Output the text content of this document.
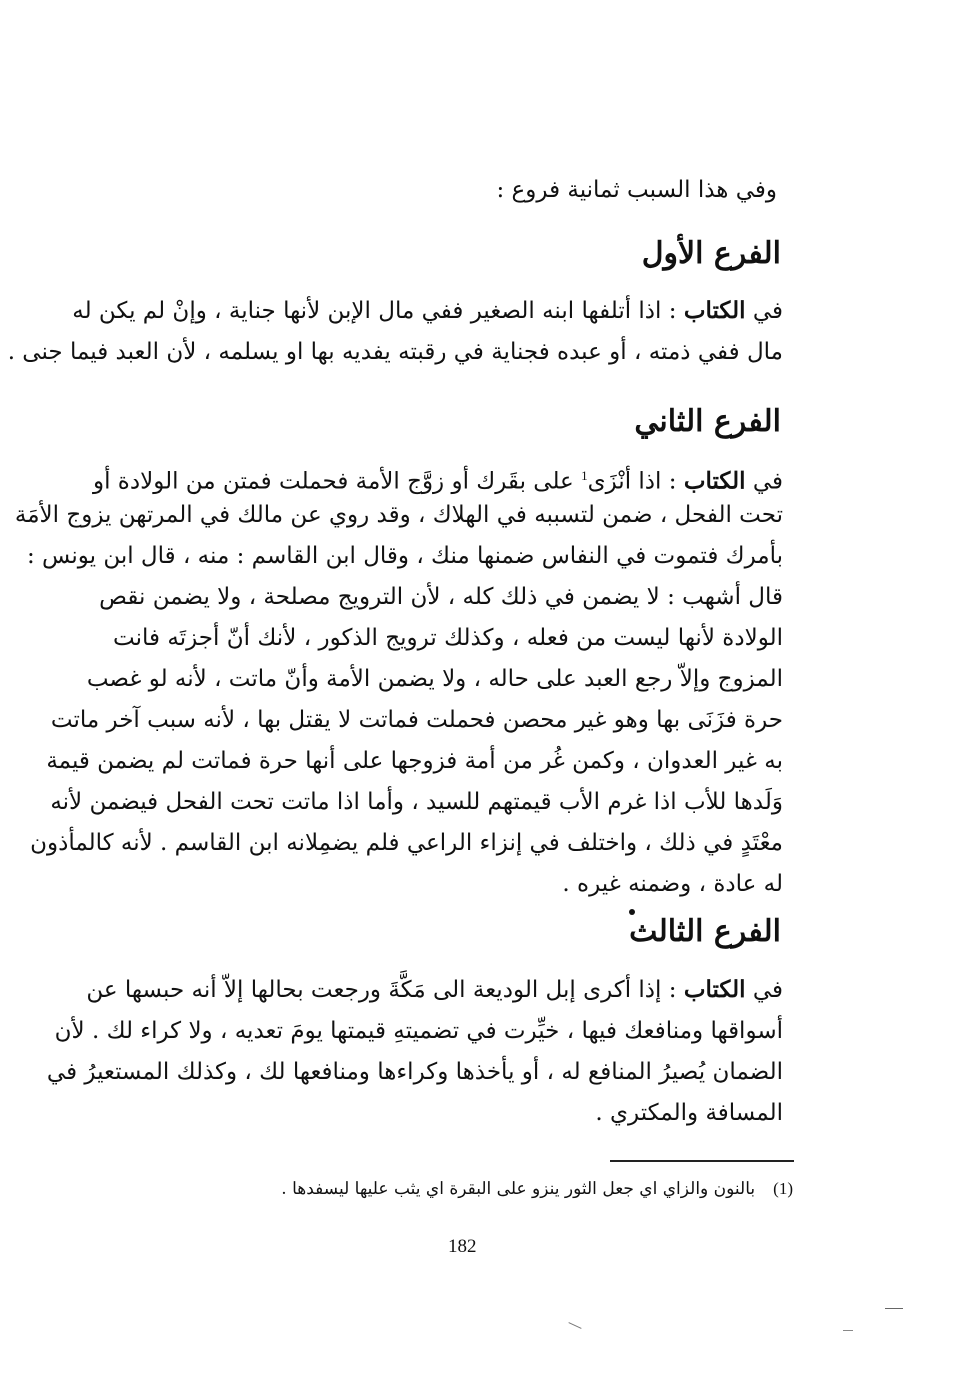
وفي هذا السبب ثمانية فروع :
الفرع الأول
في الكتاب : اذا أتلفها ابنه الصغير ففي مال الإبن لأنها جناية ، وإنْ لم يكن له
مال ففي ذمته ، أو عبده فجناية في رقبته يفديه بها او يسلمه ، لأن العبد فيما جنى .
الفرع الثاني
في الكتاب : اذا أنْزَى$^1$ على بقَرك أو زوَّج الأمة فحملت فمتن من الولادة أو
تحت الفحل ، ضمن لتسببه في الهلاك ، وقد روي عن مالك في المرتهن يزوج الأمَة
بأمرك فتموت في النفاس ضمنها منك ، وقال ابن القاسم : منه ، قال ابن يونس :
قال أشهب : لا يضمن في ذلك كله ، لأن الترويج مصلحة ، ولا يضمن نقص
الولادة لأنها ليست من فعله ، وكذلك ترويج الذكور ، لأنك أنّ أجزتَه فانت
المزوج وإلاّ رجع العبد على حاله ، ولا يضمن الأمة وأنّ ماتت ، لأنه لو غصب
حرة فزَنَى بها وهو غير محصن فحملت فماتت لا يقتل بها ، لأنه سبب آخر ماتت
به غير العدوان ، وكمن غُر من أمة فزوجها على أنها حرة فماتت لم يضمن قيمة
وَلَدها للأب اذا غرم الأب قيمتهم للسيد ، وأما اذا ماتت تحت الفحل فيضمن لأنه
معْتَدٍ في ذلك ، واختلف في إنزاء الراعي فلم يضمِلانه ابن القاسم . لأنه كالمأذون
له عادة ، وضمنه غيره .
الفرع الثالث
في الكتاب : إذا أكرى إبل الوديعة الى مَكَّةَ ورجعت بحالها إلاّ أنه حبسها عن
أسواقها ومنافعك فيها ، خيِّرت في تضميتهِ قيمتها يومَ تعديه ، ولا كراء لك . لأن
الضمان يُصيرُ المنافع له ، أو يأخذها وكراءها ومنافعها لك ، وكذلك المستعيرُ في
المسافة والمكتري .
(1)بالنون والزاي اي جعل الثور ينزو على البقرة اي يثب عليها ليسفدها .
182
